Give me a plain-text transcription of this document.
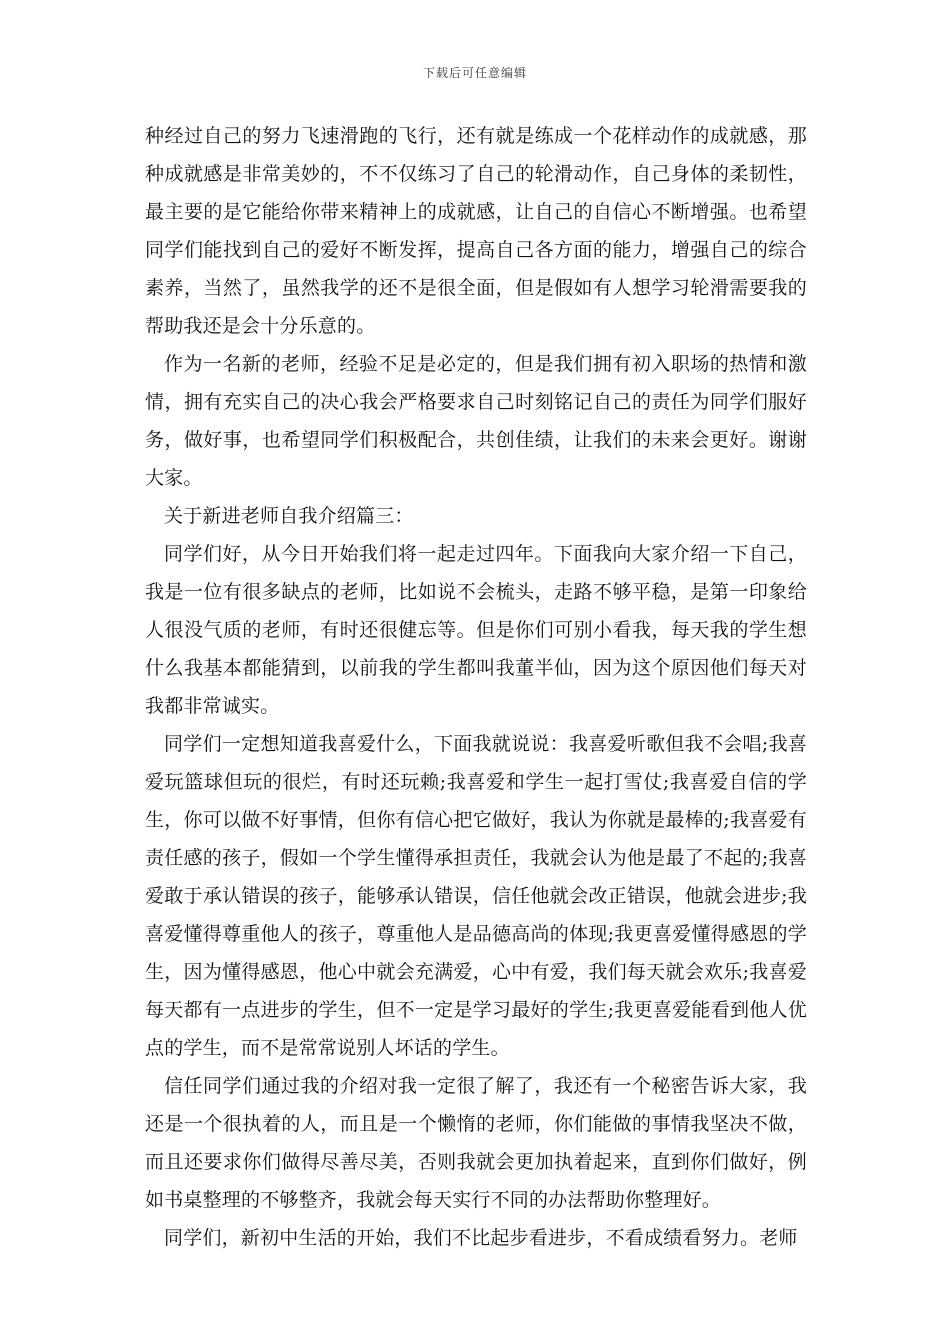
下载后可任意编辑

种经过自己的努力飞速滑跑的飞行，还有就是练成一个花样动作的成就感，那种成就感是非常美妙的，不不仅练习了自己的轮滑动作，自己身体的柔韧性，最主要的是它能给你带来精神上的成就感，让自己的自信心不断增强。也希望同学们能找到自己的爱好不断发挥，提高自己各方面的能力，增强自己的综合素养，当然了，虽然我学的还不是很全面，但是假如有人想学习轮滑需要我的帮助我还是会十分乐意的。

作为一名新的老师，经验不足是必定的，但是我们拥有初入职场的热情和激情，拥有充实自己的决心我会严格要求自己时刻铭记自己的责任为同学们服好务，做好事，也希望同学们积极配合，共创佳绩，让我们的未来会更好。谢谢大家。

关于新进老师自我介绍篇三：

同学们好，从今日开始我们将一起走过四年。下面我向大家介绍一下自己，我是一位有很多缺点的老师，比如说不会梳头，走路不够平稳，是第一印象给人很没气质的老师，有时还很健忘等。但是你们可别小看我，每天我的学生想什么我基本都能猜到，以前我的学生都叫我董半仙，因为这个原因他们每天对我都非常诚实。

同学们一定想知道我喜爱什么，下面我就说说：我喜爱听歌但我不会唱;我喜爱玩篮球但玩的很烂，有时还玩赖;我喜爱和学生一起打雪仗;我喜爱自信的学生，你可以做不好事情，但你有信心把它做好，我认为你就是最棒的;我喜爱有责任感的孩子，假如一个学生懂得承担责任，我就会认为他是最了不起的;我喜爱敢于承认错误的孩子，能够承认错误，信任他就会改正错误，他就会进步;我喜爱懂得尊重他人的孩子，尊重他人是品德高尚的体现;我更喜爱懂得感恩的学生，因为懂得感恩，他心中就会充满爱，心中有爱，我们每天就会欢乐;我喜爱每天都有一点进步的学生，但不一定是学习最好的学生;我更喜爱能看到他人优点的学生，而不是常常说别人坏话的学生。

信任同学们通过我的介绍对我一定很了解了，我还有一个秘密告诉大家，我还是一个很执着的人，而且是一个懒惰的老师，你们能做的事情我坚决不做，而且还要求你们做得尽善尽美，否则我就会更加执着起来，直到你们做好，例如书桌整理的不够整齐，我就会每天实行不同的办法帮助你整理好。

同学们，新初中生活的开始，我们不比起步看进步，不看成绩看努力。老师
